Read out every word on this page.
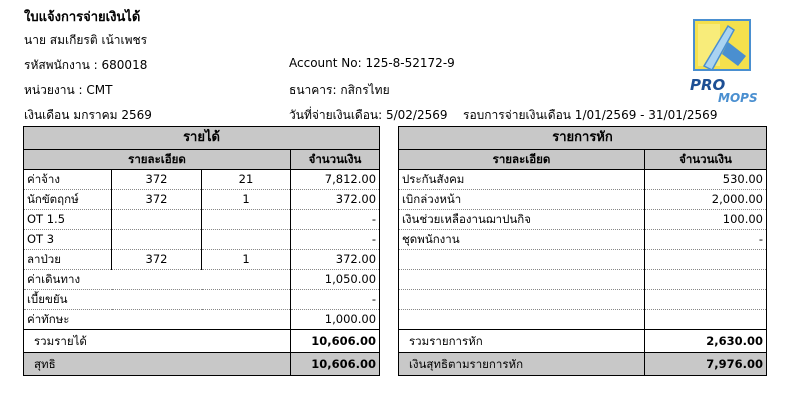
ใบแจ้งการจ่ายเงินได้
นาย สมเกียรติ เน้าเพชร
รหัสพนักงาน : 680018
หน่วยงาน : CMT
เงินเดือน มกราคม 2569
Account No: 125-8-52172-9
ธนาคาร: กสิกรไทย
วันที่จ่ายเงินเดือน: 5/02/2569 รอบการจ่ายเงินเดือน 1/01/2569 - 31/01/2569
PRO
MOPS
รายได้			
รายละเอียด			จำนวนเงิน
ค่าจ้าง	372	21	7,812.00
นักขัตฤกษ์	372	1	372.00
OT 1.5			-
OT 3			-
ลาป่วย	372	1	372.00
ค่าเดินทาง			1,050.00
เบี้ยขยัน			-
ค่าทักษะ			1,000.00
รวมรายได้			10,606.00
สุทธิ			10,606.00
รายการหัก	
รายละเอียด	จำนวนเงิน
ประกันสังคม	530.00
เบิกล่วงหน้า	2,000.00
เงินช่วยเหลืองานฌาปนกิจ	100.00
ชุดพนักงาน	-

รวมรายการหัก	2,630.00
เงินสุทธิตามรายการหัก	7,976.00
